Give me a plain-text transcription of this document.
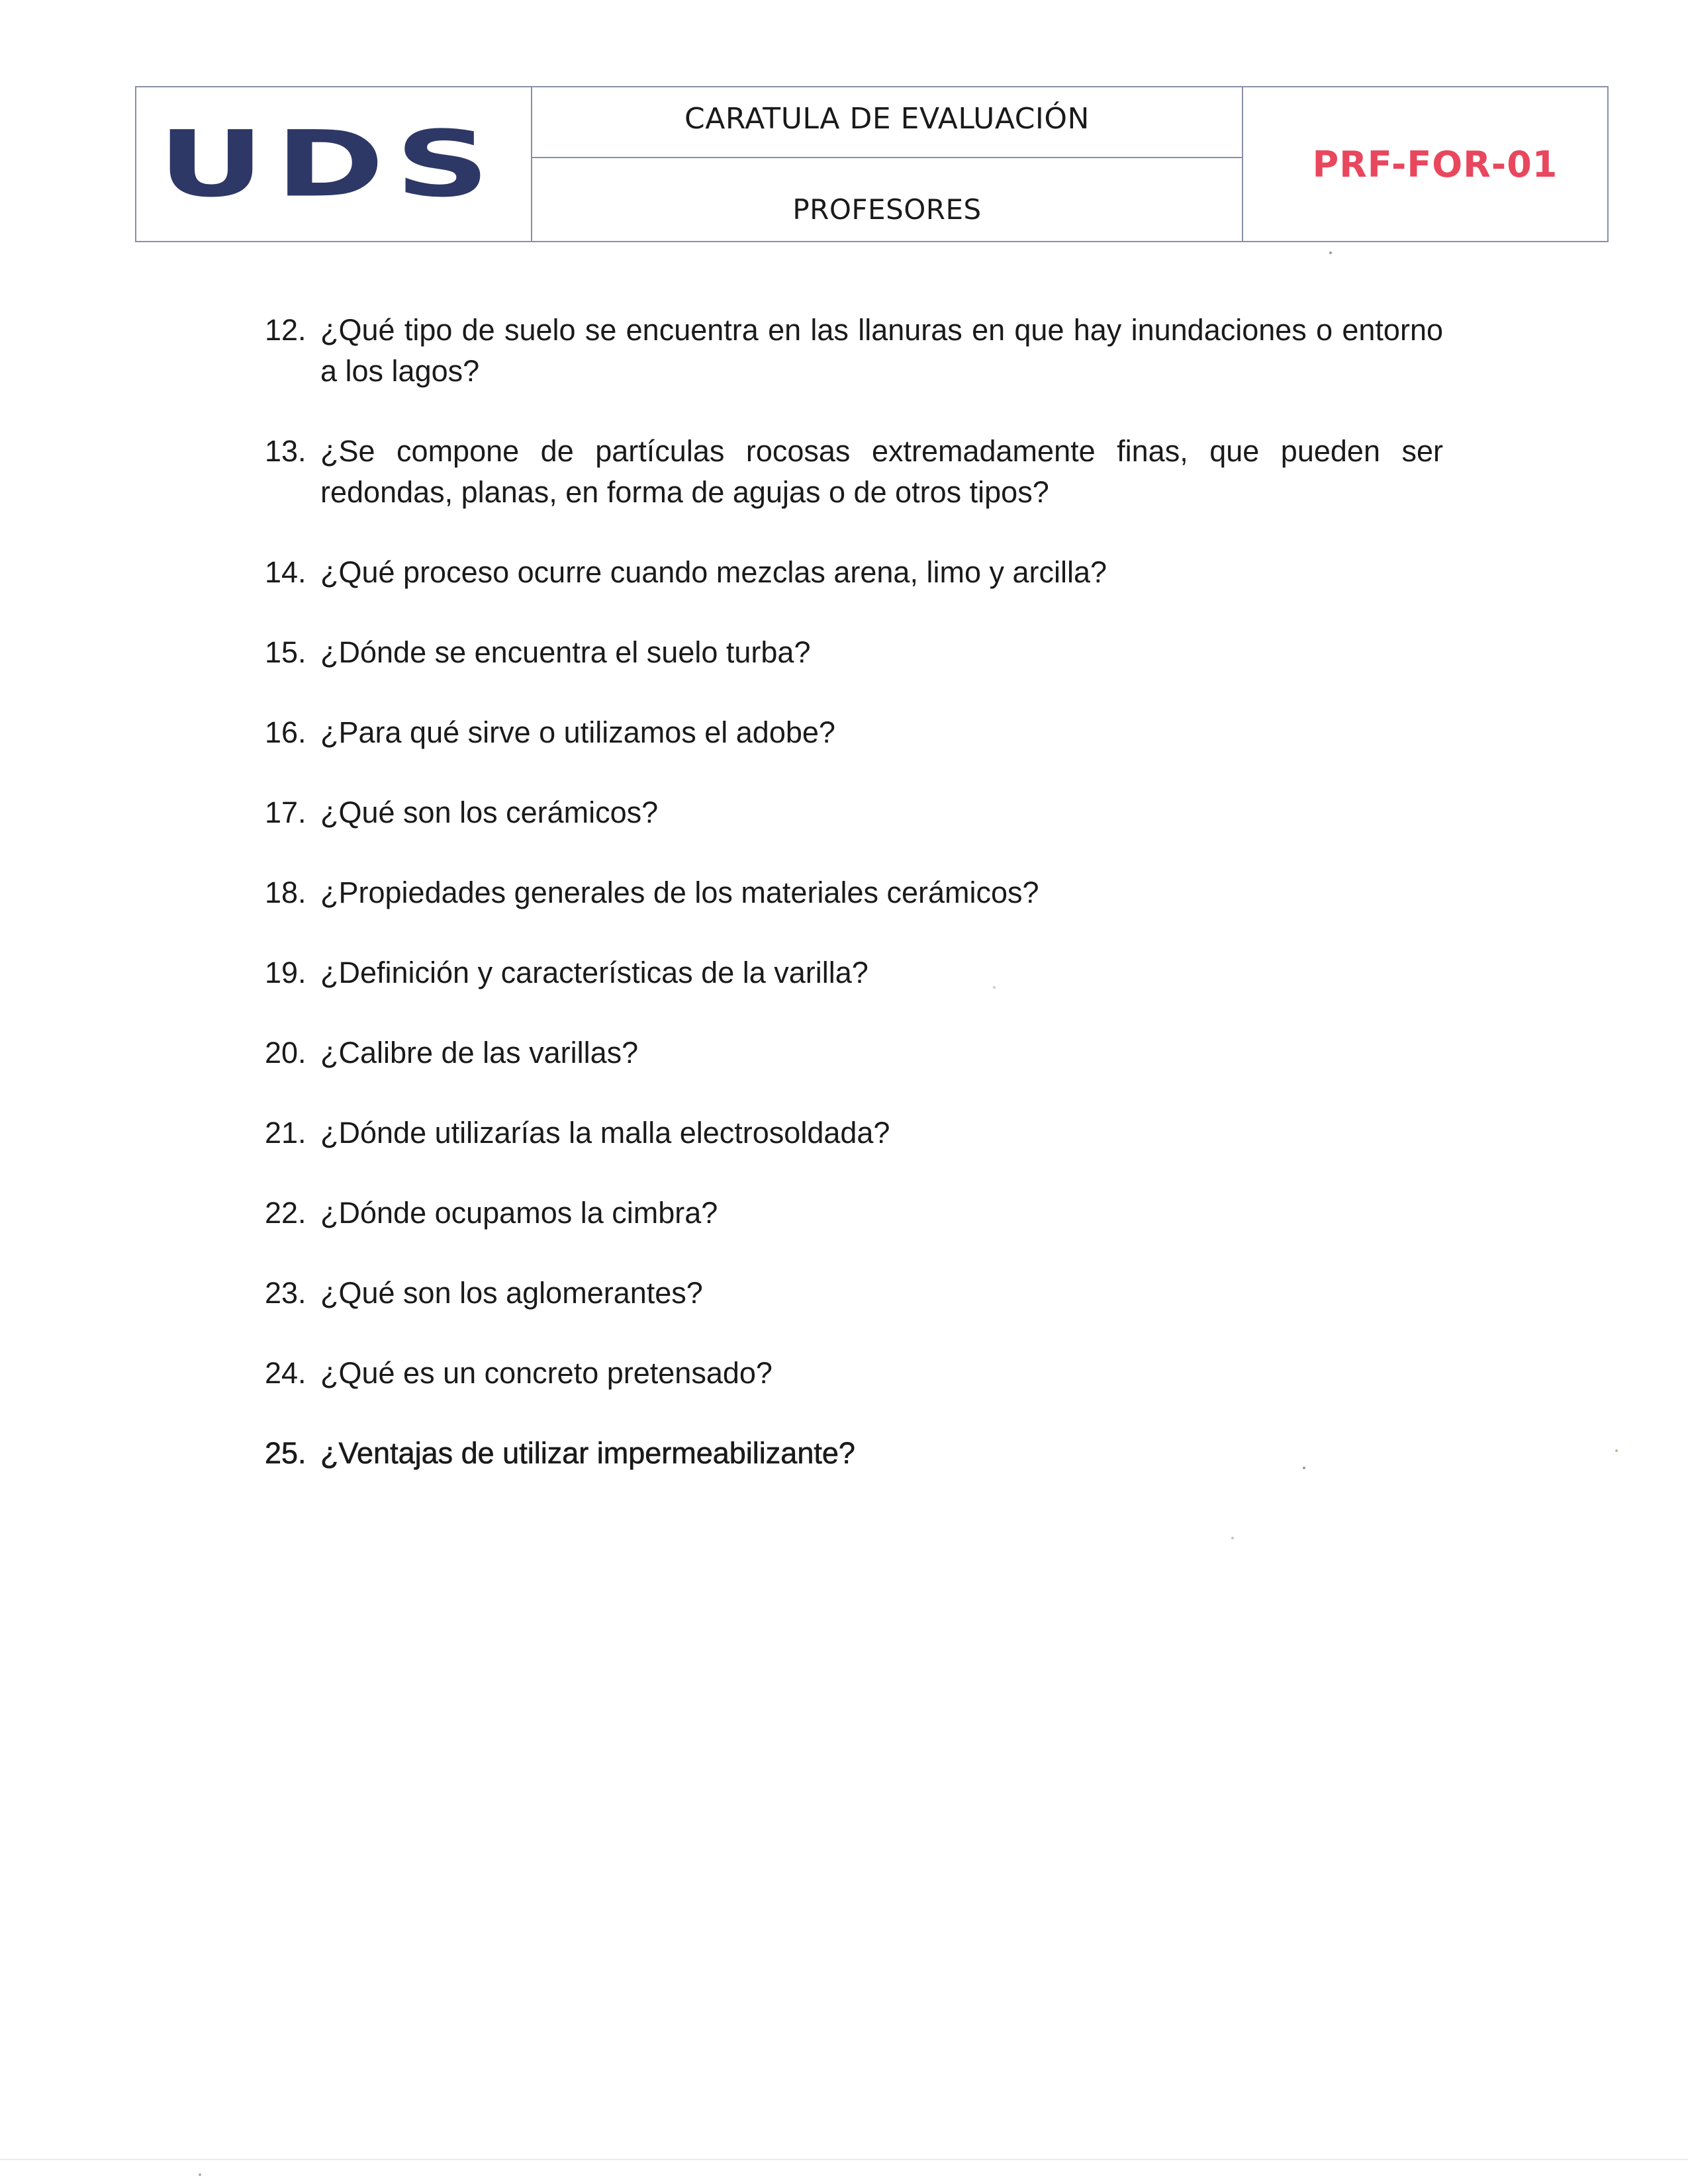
UDS	CARATULA DE EVALUACIÓN
PROFESORES
PRF-FOR-01
12. ¿Qué tipo de suelo se encuentra en las llanuras en que hay inundaciones o entorno a los lagos?
13. ¿Se compone de partículas rocosas extremadamente finas, que pueden ser redondas, planas, en forma de agujas o de otros tipos?
14. ¿Qué proceso ocurre cuando mezclas arena, limo y arcilla?
15. ¿Dónde se encuentra el suelo turba?
16. ¿Para qué sirve o utilizamos el adobe?
17. ¿Qué son los cerámicos?
18. ¿Propiedades generales de los materiales cerámicos?
19. ¿Definición y características de la varilla?
20. ¿Calibre de las varillas?
21. ¿Dónde utilizarías la malla electrosoldada?
22. ¿Dónde ocupamos la cimbra?
23. ¿Qué son los aglomerantes?
24. ¿Qué es un concreto pretensado?
25. ¿Ventajas de utilizar impermeabilizante?
